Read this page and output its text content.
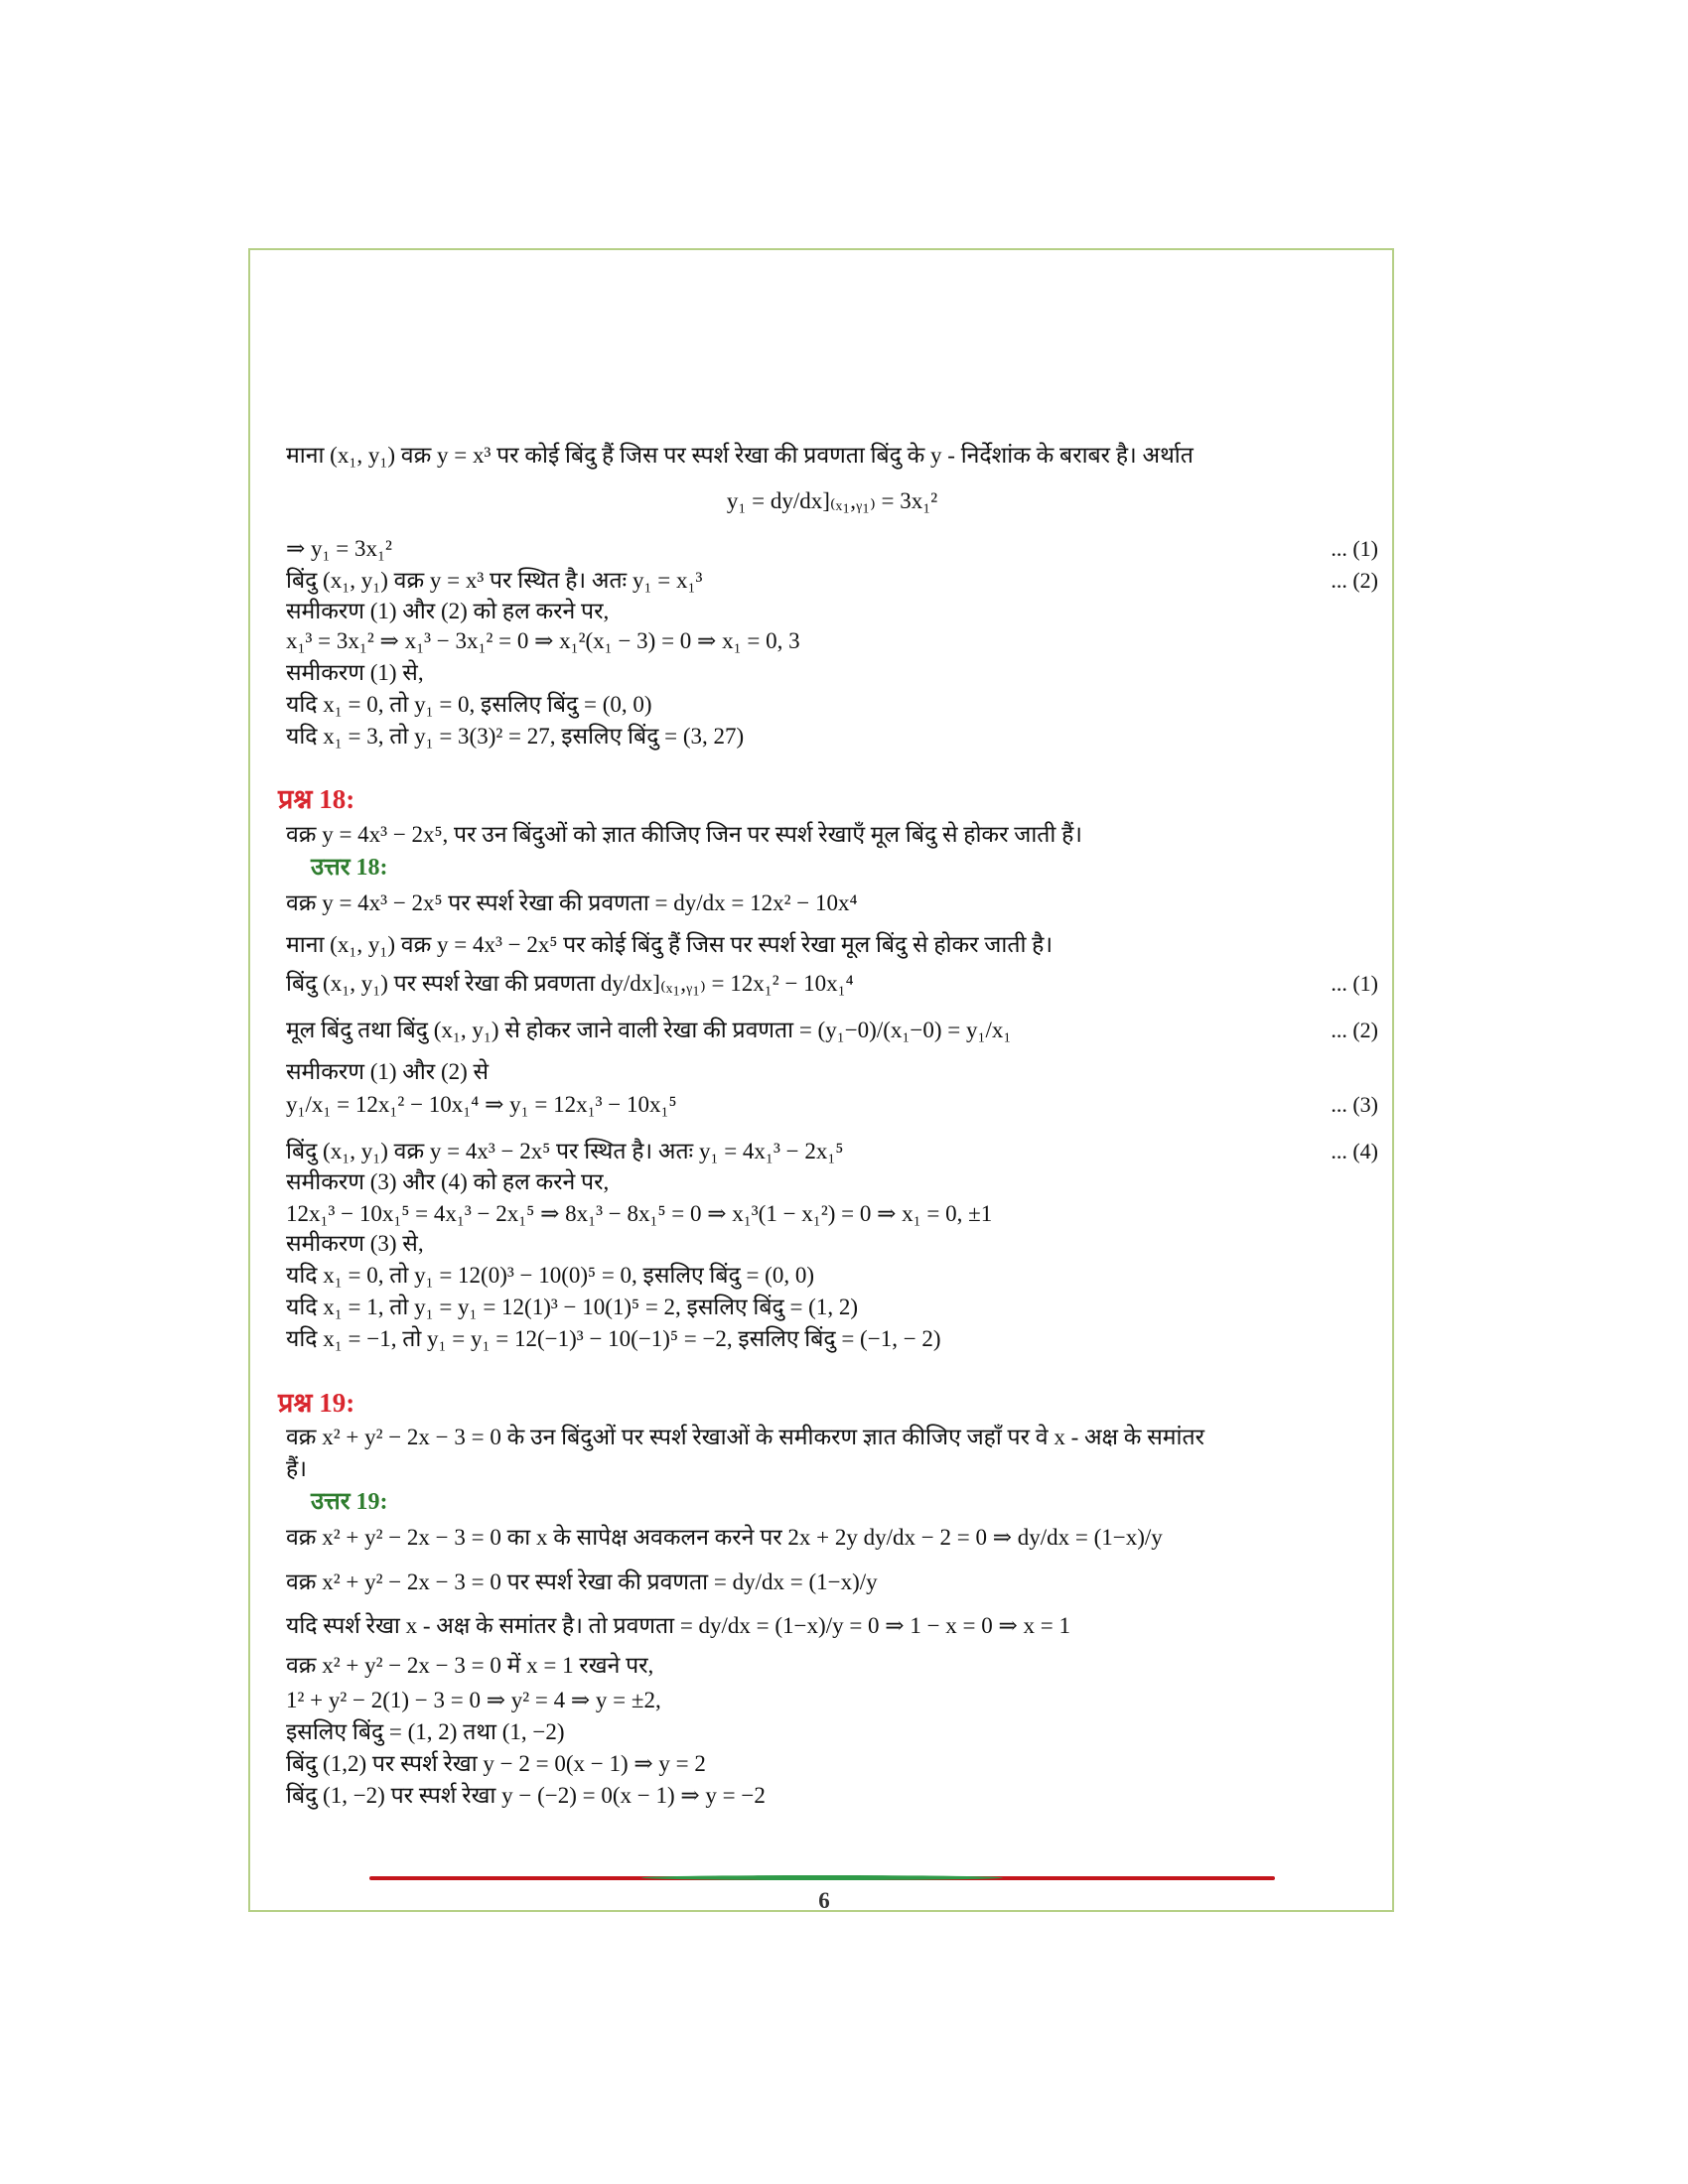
माना (x₁, y₁) वक्र y = x³ पर कोई बिंदु हैं जिस पर स्पर्श रेखा की प्रवणता बिंदु के y - निर्देशांक के बराबर है। अर्थात
y₁ = dy/dx]₍ₓ₁,ᵧ₁₎ = 3x₁²
⇒ y₁ = 3x₁²	... (1)
बिंदु (x₁, y₁) वक्र y = x³ पर स्थित है। अतः y₁ = x₁³	... (2)
समीकरण (1) और (2) को हल करने पर,
x₁³ = 3x₁² ⇒ x₁³ − 3x₁² = 0 ⇒ x₁²(x₁ − 3) = 0 ⇒ x₁ = 0, 3
समीकरण (1) से,
यदि x₁ = 0, तो y₁ = 0, इसलिए बिंदु = (0, 0)
यदि x₁ = 3, तो y₁ = 3(3)² = 27, इसलिए बिंदु = (3, 27)
प्रश्न 18:
वक्र y = 4x³ − 2x⁵, पर उन बिंदुओं को ज्ञात कीजिए जिन पर स्पर्श रेखाएँ मूल बिंदु से होकर जाती हैं।
उत्तर 18:
वक्र y = 4x³ − 2x⁵ पर स्पर्श रेखा की प्रवणता = dy/dx = 12x² − 10x⁴
माना (x₁, y₁) वक्र y = 4x³ − 2x⁵ पर कोई बिंदु हैं जिस पर स्पर्श रेखा मूल बिंदु से होकर जाती है।
बिंदु (x₁, y₁) पर स्पर्श रेखा की प्रवणता dy/dx]₍ₓ₁,ᵧ₁₎ = 12x₁² − 10x₁⁴	... (1)
मूल बिंदु तथा बिंदु (x₁, y₁) से होकर जाने वाली रेखा की प्रवणता = (y₁−0)/(x₁−0) = y₁/x₁	... (2)
समीकरण (1) और (2) से
y₁/x₁ = 12x₁² − 10x₁⁴ ⇒ y₁ = 12x₁³ − 10x₁⁵	... (3)
बिंदु (x₁, y₁) वक्र y = 4x³ − 2x⁵ पर स्थित है। अतः y₁ = 4x₁³ − 2x₁⁵	... (4)
समीकरण (3) और (4) को हल करने पर,
12x₁³ − 10x₁⁵ = 4x₁³ − 2x₁⁵ ⇒ 8x₁³ − 8x₁⁵ = 0 ⇒ x₁³(1 − x₁²) = 0 ⇒ x₁ = 0, ±1
समीकरण (3) से,
यदि x₁ = 0, तो y₁ = 12(0)³ − 10(0)⁵ = 0, इसलिए बिंदु = (0, 0)
यदि x₁ = 1, तो y₁ = y₁ = 12(1)³ − 10(1)⁵ = 2, इसलिए बिंदु = (1, 2)
यदि x₁ = −1, तो y₁ = y₁ = 12(−1)³ − 10(−1)⁵ = −2, इसलिए बिंदु = (−1, − 2)
प्रश्न 19:
वक्र x² + y² − 2x − 3 = 0 के उन बिंदुओं पर स्पर्श रेखाओं के समीकरण ज्ञात कीजिए जहाँ पर वे x - अक्ष के समांतर
हैं।
उत्तर 19:
वक्र x² + y² − 2x − 3 = 0 का x के सापेक्ष अवकलन करने पर 2x + 2y dy/dx − 2 = 0 ⇒ dy/dx = (1−x)/y
वक्र x² + y² − 2x − 3 = 0 पर स्पर्श रेखा की प्रवणता = dy/dx = (1−x)/y
यदि स्पर्श रेखा x - अक्ष के समांतर है। तो प्रवणता = dy/dx = (1−x)/y = 0 ⇒ 1 − x = 0 ⇒ x = 1
वक्र x² + y² − 2x − 3 = 0 में x = 1 रखने पर,
1² + y² − 2(1) − 3 = 0 ⇒ y² = 4 ⇒ y = ±2,
इसलिए बिंदु = (1, 2) तथा (1, −2)
बिंदु (1,2) पर स्पर्श रेखा y − 2 = 0(x − 1) ⇒ y = 2
बिंदु (1, −2) पर स्पर्श रेखा y − (−2) = 0(x − 1) ⇒ y = −2
6
